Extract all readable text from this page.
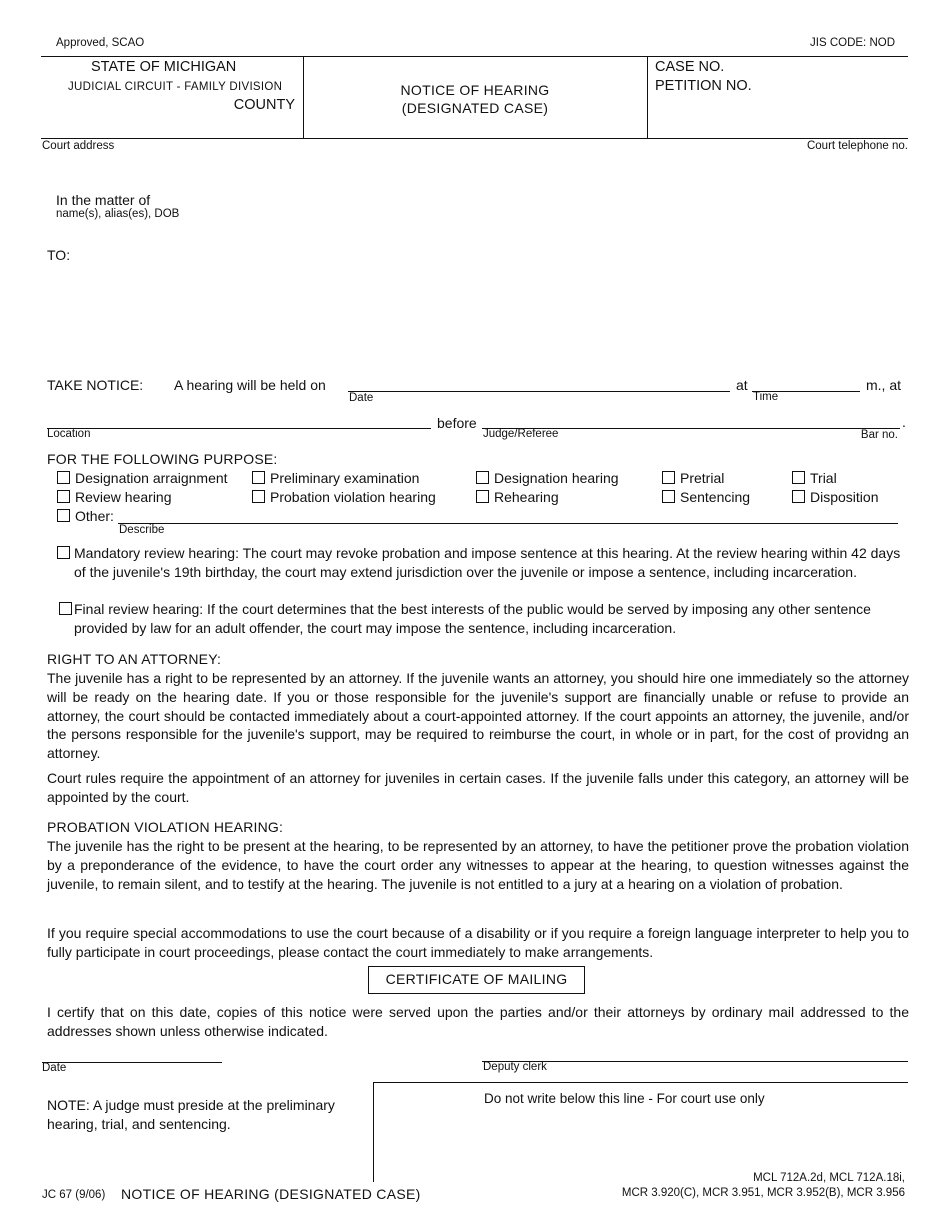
Approved, SCAO	JIS CODE: NOD
STATE OF MICHIGAN
JUDICIAL CIRCUIT - FAMILY DIVISION
COUNTY
NOTICE OF HEARING
(DESIGNATED CASE)
CASE NO.
PETITION NO.
Court address	Court telephone no.
In the matter of
name(s), alias(es), DOB
TO:
TAKE NOTICE: A hearing will be held on
Date
at
Time
m., at
Location
before
Judge/Referee	Bar no.
.
FOR THE FOLLOWING PURPOSE:
Designation arraignment	Preliminary examination	Designation hearing	Pretrial	Trial
Review hearing	Probation violation hearing	Rehearing	Sentencing	Disposition
Other:
Describe
Mandatory review hearing: The court may revoke probation and impose sentence at this hearing. At the review hearing within 42 days of the juvenile's 19th birthday, the court may extend jurisdiction over the juvenile or impose a sentence, including incarceration.
Final review hearing: If the court determines that the best interests of the public would be served by imposing any other sentence provided by law for an adult offender, the court may impose the sentence, including incarceration.
RIGHT TO AN ATTORNEY:
The juvenile has a right to be represented by an attorney. If the juvenile wants an attorney, you should hire one immediately so the attorney will be ready on the hearing date. If you or those responsible for the juvenile's support are financially unable or refuse to provide an attorney, the court should be contacted immediately about a court-appointed attorney. If the court appoints an attorney, the juvenile, and/or the persons responsible for the juvenile's support, may be required to reimburse the court, in whole or in part, for the cost of providng an attorney.
Court rules require the appointment of an attorney for juveniles in certain cases. If the juvenile falls under this category, an attorney will be appointed by the court.
PROBATION VIOLATION HEARING:
The juvenile has the right to be present at the hearing, to be represented by an attorney, to have the petitioner prove the probation violation by a preponderance of the evidence, to have the court order any witnesses to appear at the hearing, to question witnesses against the juvenile, to remain silent, and to testify at the hearing. The juvenile is not entitled to a jury at a hearing on a violation of probation.
If you require special accommodations to use the court because of a disability or if you require a foreign language interpreter to help you to fully participate in court proceedings, please contact the court immediately to make arrangements.
CERTIFICATE OF MAILING
I certify that on this date, copies of this notice were served upon the parties and/or their attorneys by ordinary mail addressed to the addresses shown unless otherwise indicated.
Date	Deputy clerk
Do not write below this line - For court use only
NOTE: A judge must preside at the preliminary hearing, trial, and sentencing.
JC 67 (9/06) NOTICE OF HEARING (DESIGNATED CASE)
MCL 712A.2d, MCL 712A.18i,
MCR 3.920(C), MCR 3.951, MCR 3.952(B), MCR 3.956
